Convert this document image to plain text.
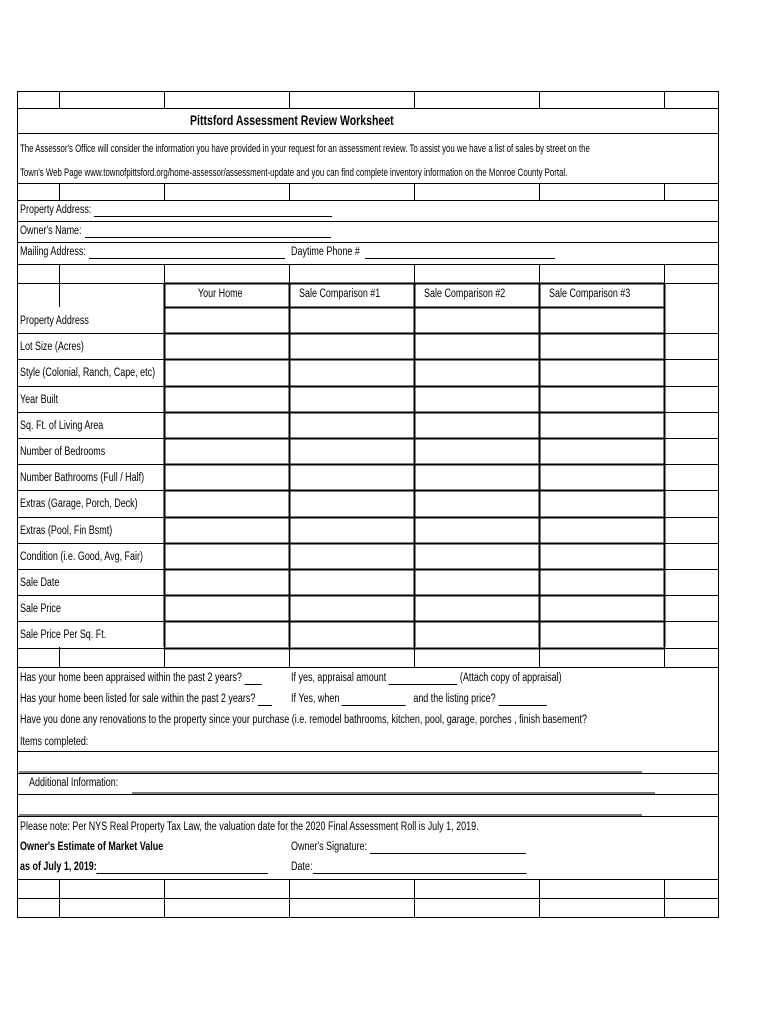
Pittsford Assessment Review Worksheet
The Assessor's Office will consider the information you have provided in your request for an assessment review. To assist you we have a list of sales by street on the
Town's Web Page www.townofpittsford.org/home-assessor/assessment-update and you can find complete inventory information on the Monroe County Portal.
Property Address:
Owner's Name:
Mailing Address:	Daytime Phone #
Your Home	Sale Comparison #1	Sale Comparison #2	Sale Comparison #3
Property Address
Lot Size (Acres)
Style (Colonial, Ranch, Cape, etc)
Year Built
Sq. Ft. of Living Area
Number of Bedrooms
Number Bathrooms (Full / Half)
Extras (Garage, Porch, Deck)
Extras (Pool, Fin Bsmt)
Condition (i.e. Good, Avg, Fair)
Sale Date
Sale Price
Sale Price Per Sq. Ft.
Has your home been appraised within the past 2 years?	If yes, appraisal amount	(Attach copy of appraisal)
Has your home been listed for sale within the past 2 years?	If Yes, when	and the listing price?
Have you done any renovations to the property since your purchase (i.e. remodel bathrooms, kitchen, pool, garage, porches , finish basement?
Items completed:
Additional Information:
Please note: Per NYS Real Property Tax Law, the valuation date for the 2020 Final Assessment Roll is July 1, 2019.
Owner's Estimate of Market Value
as of July 1, 2019:
Owner's Signature:
Date:
